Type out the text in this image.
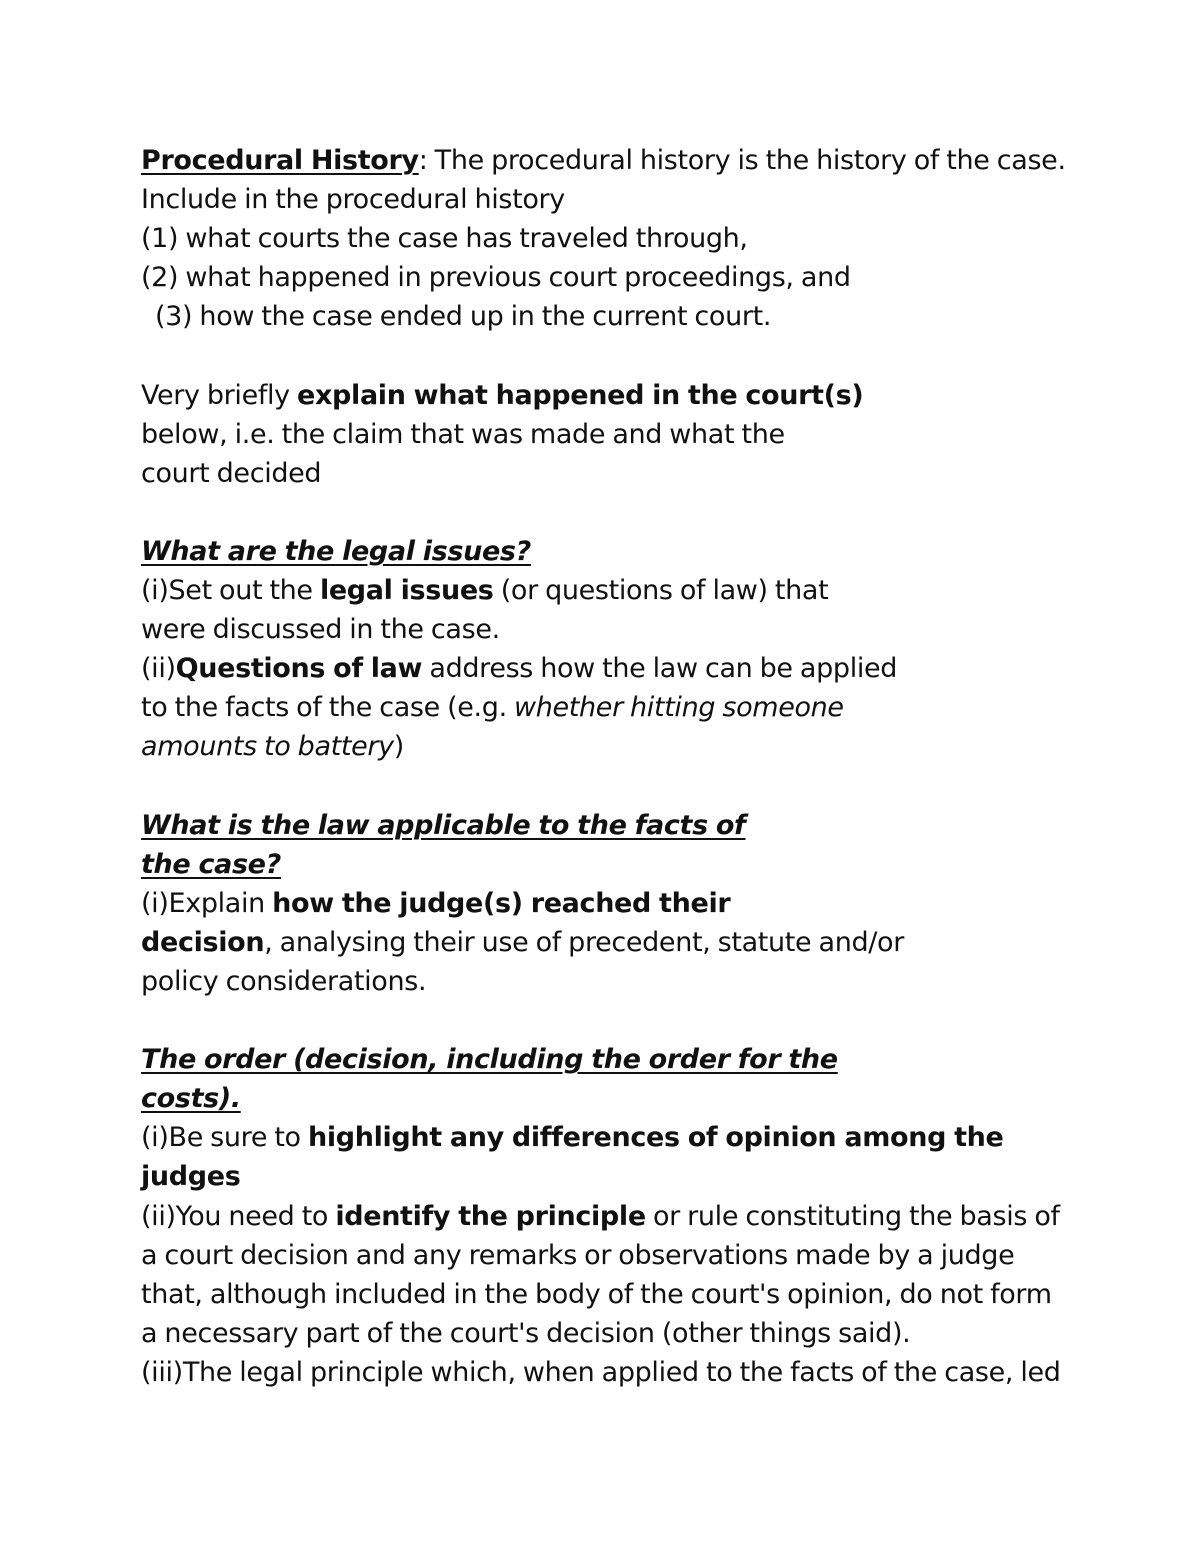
Procedural History: The procedural history is the history of the case.
Include in the procedural history
(1) what courts the case has traveled through,
(2) what happened in previous court proceedings, and
(3) how the case ended up in the current court.
Very briefly explain what happened in the court(s)
below, i.e. the claim that was made and what the
court decided
What are the legal issues?
(i)Set out the legal issues (or questions of law) that
were discussed in the case.
(ii)Questions of law address how the law can be applied
to the facts of the case (e.g. whether hitting someone
amounts to battery)
What is the law applicable to the facts of
the case?
(i)Explain how the judge(s) reached their
decision, analysing their use of precedent, statute and/or
policy considerations.
The order (decision, including the order for the
costs).
(i)Be sure to highlight any differences of opinion among the
judges
(ii)You need to identify the principle or rule constituting the basis of
a court decision and any remarks or observations made by a judge
that, although included in the body of the court's opinion, do not form
a necessary part of the court's decision (other things said).
(iii)The legal principle which, when applied to the facts of the case, led
